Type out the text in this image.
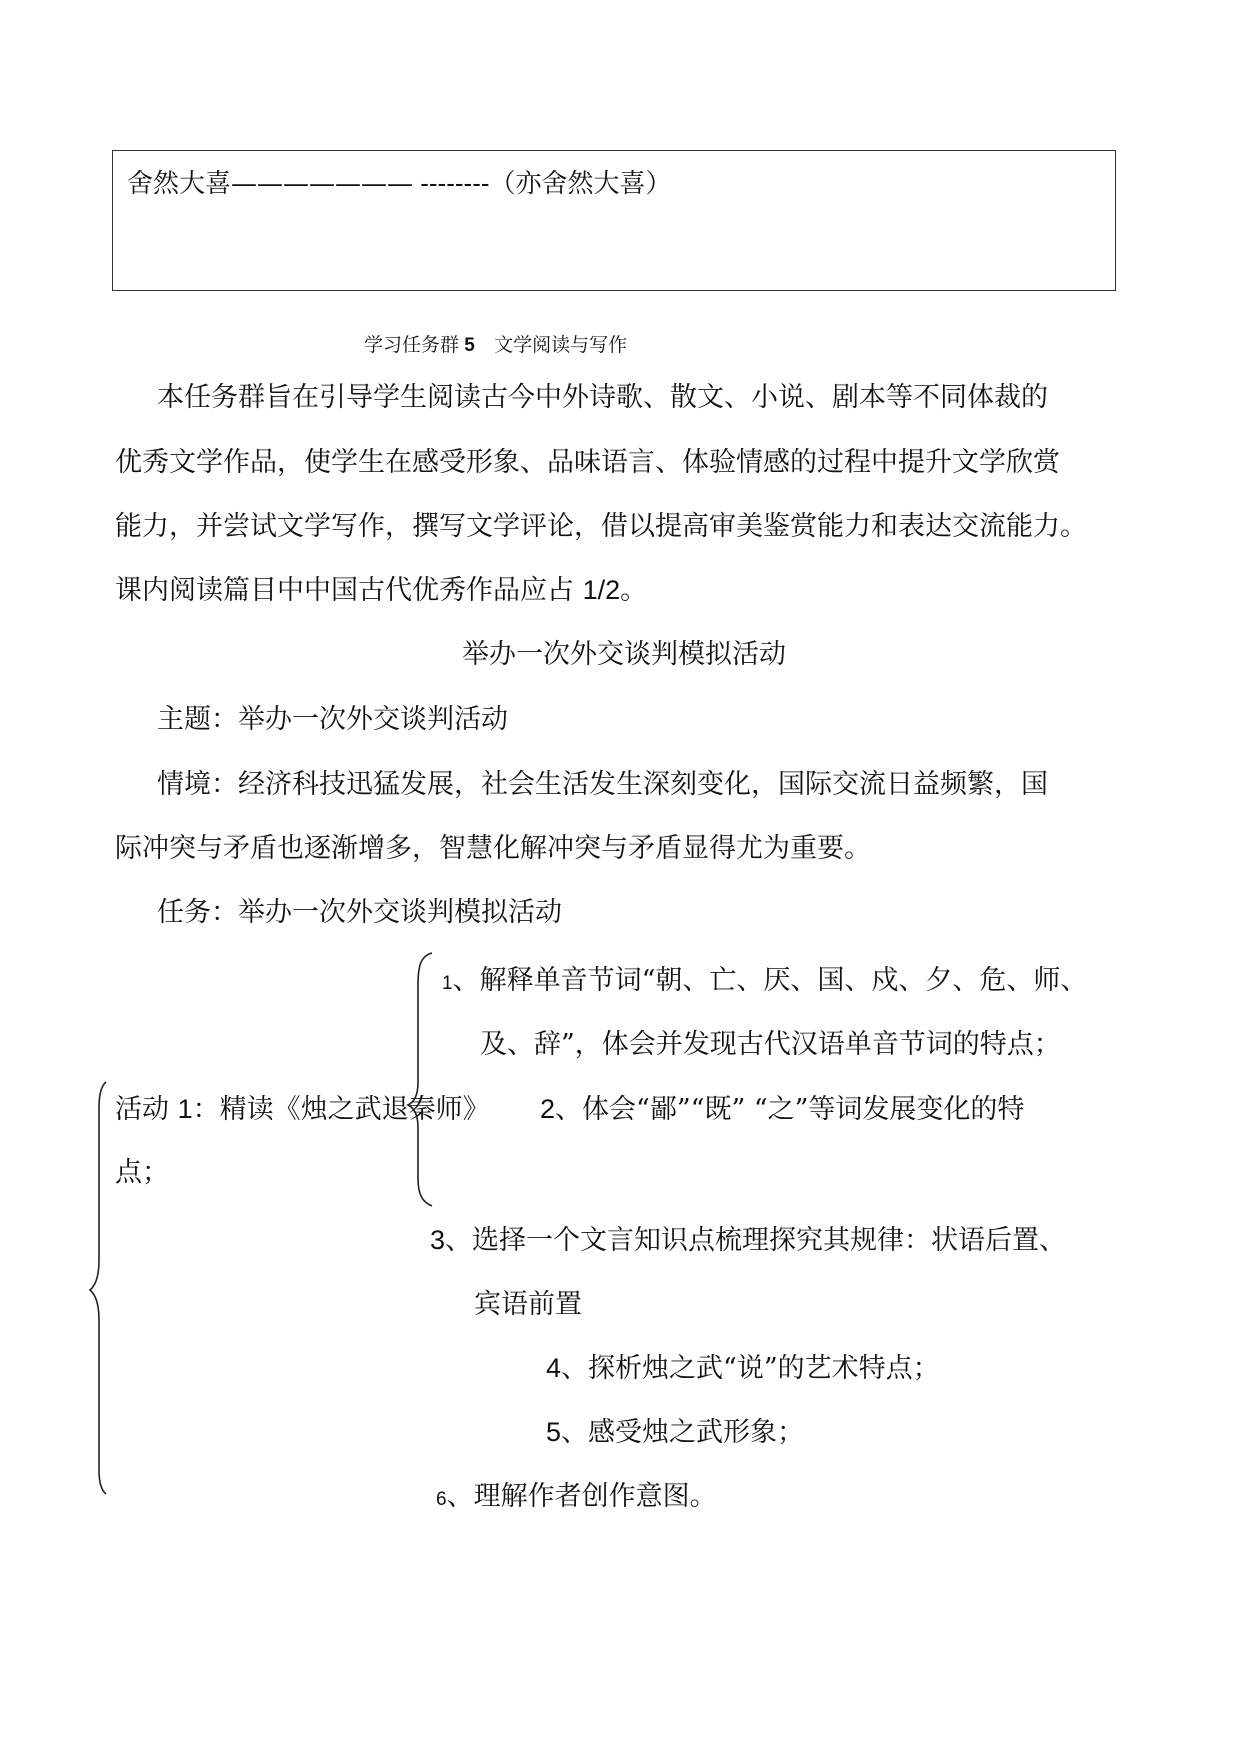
舍然大喜——————— --------（亦舍然大喜）
学习任务群 5 文学阅读与写作
本任务群旨在引导学生阅读古今中外诗歌、散文、小说、剧本等不同体裁的
优秀文学作品，使学生在感受形象、品味语言、体验情感的过程中提升文学欣赏
能力，并尝试文学写作，撰写文学评论，借以提高审美鉴赏能力和表达交流能力。
课内阅读篇目中中国古代优秀作品应占 1/2。
举办一次外交谈判模拟活动
主题：举办一次外交谈判活动
情境：经济科技迅猛发展，社会生活发生深刻变化，国际交流日益频繁，国
际冲突与矛盾也逐渐增多，智慧化解冲突与矛盾显得尤为重要。
任务：举办一次外交谈判模拟活动
1、解释单音节词“朝、亡、厌、国、戍、夕、危、师、
及、辞”，体会并发现古代汉语单音节词的特点；
活动 1：精读《烛之武退秦师》 2、体会“鄙”“既” “之”等词发展变化的特
点；
3、选择一个文言知识点梳理探究其规律：状语后置、
宾语前置
4、探析烛之武“说”的艺术特点；
5、感受烛之武形象；
6、理解作者创作意图。
